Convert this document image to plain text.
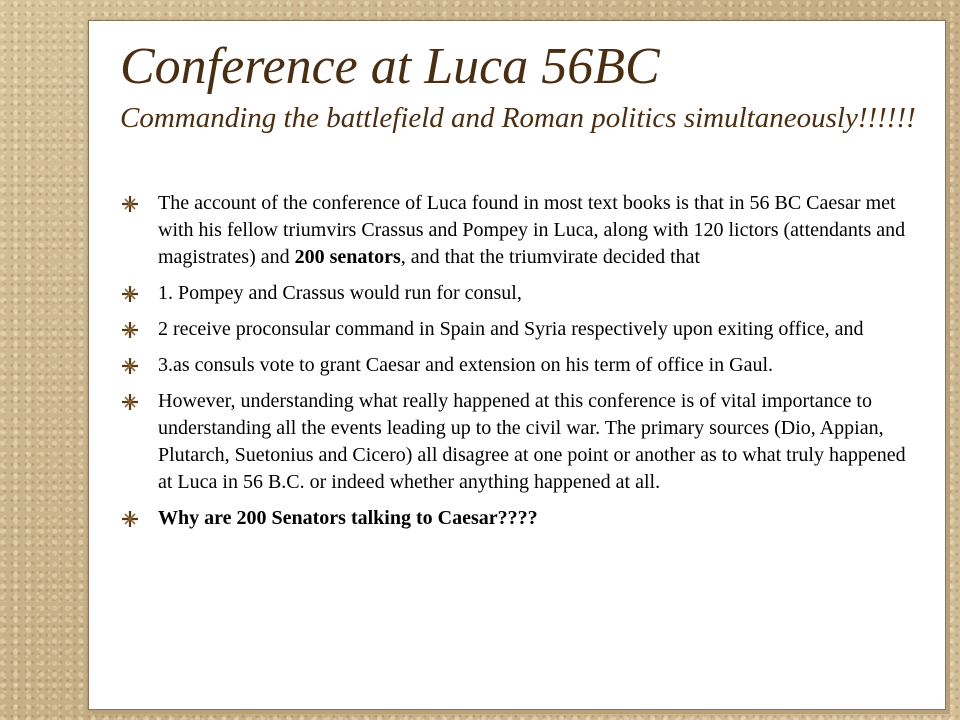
Conference at Luca 56BC
Commanding the battlefield and Roman politics simultaneously!!!!!!
The account of the conference of Luca found in most text books is that in 56 BC Caesar met with his fellow triumvirs Crassus and Pompey in Luca, along with 120 lictors (attendants and magistrates) and 200 senators, and that the triumvirate decided that
1. Pompey and Crassus would run for consul,
2 receive proconsular command in Spain and Syria respectively upon exiting office, and
3.as consuls vote to grant Caesar and extension on his term of office in Gaul.
However, understanding what really happened at this conference is of vital importance to understanding all the events leading up to the civil war. The primary sources (Dio, Appian, Plutarch, Suetonius and Cicero) all disagree at one point or another as to what truly happened at Luca in 56 B.C. or indeed whether anything happened at all.
Why are 200 Senators talking to Caesar????
